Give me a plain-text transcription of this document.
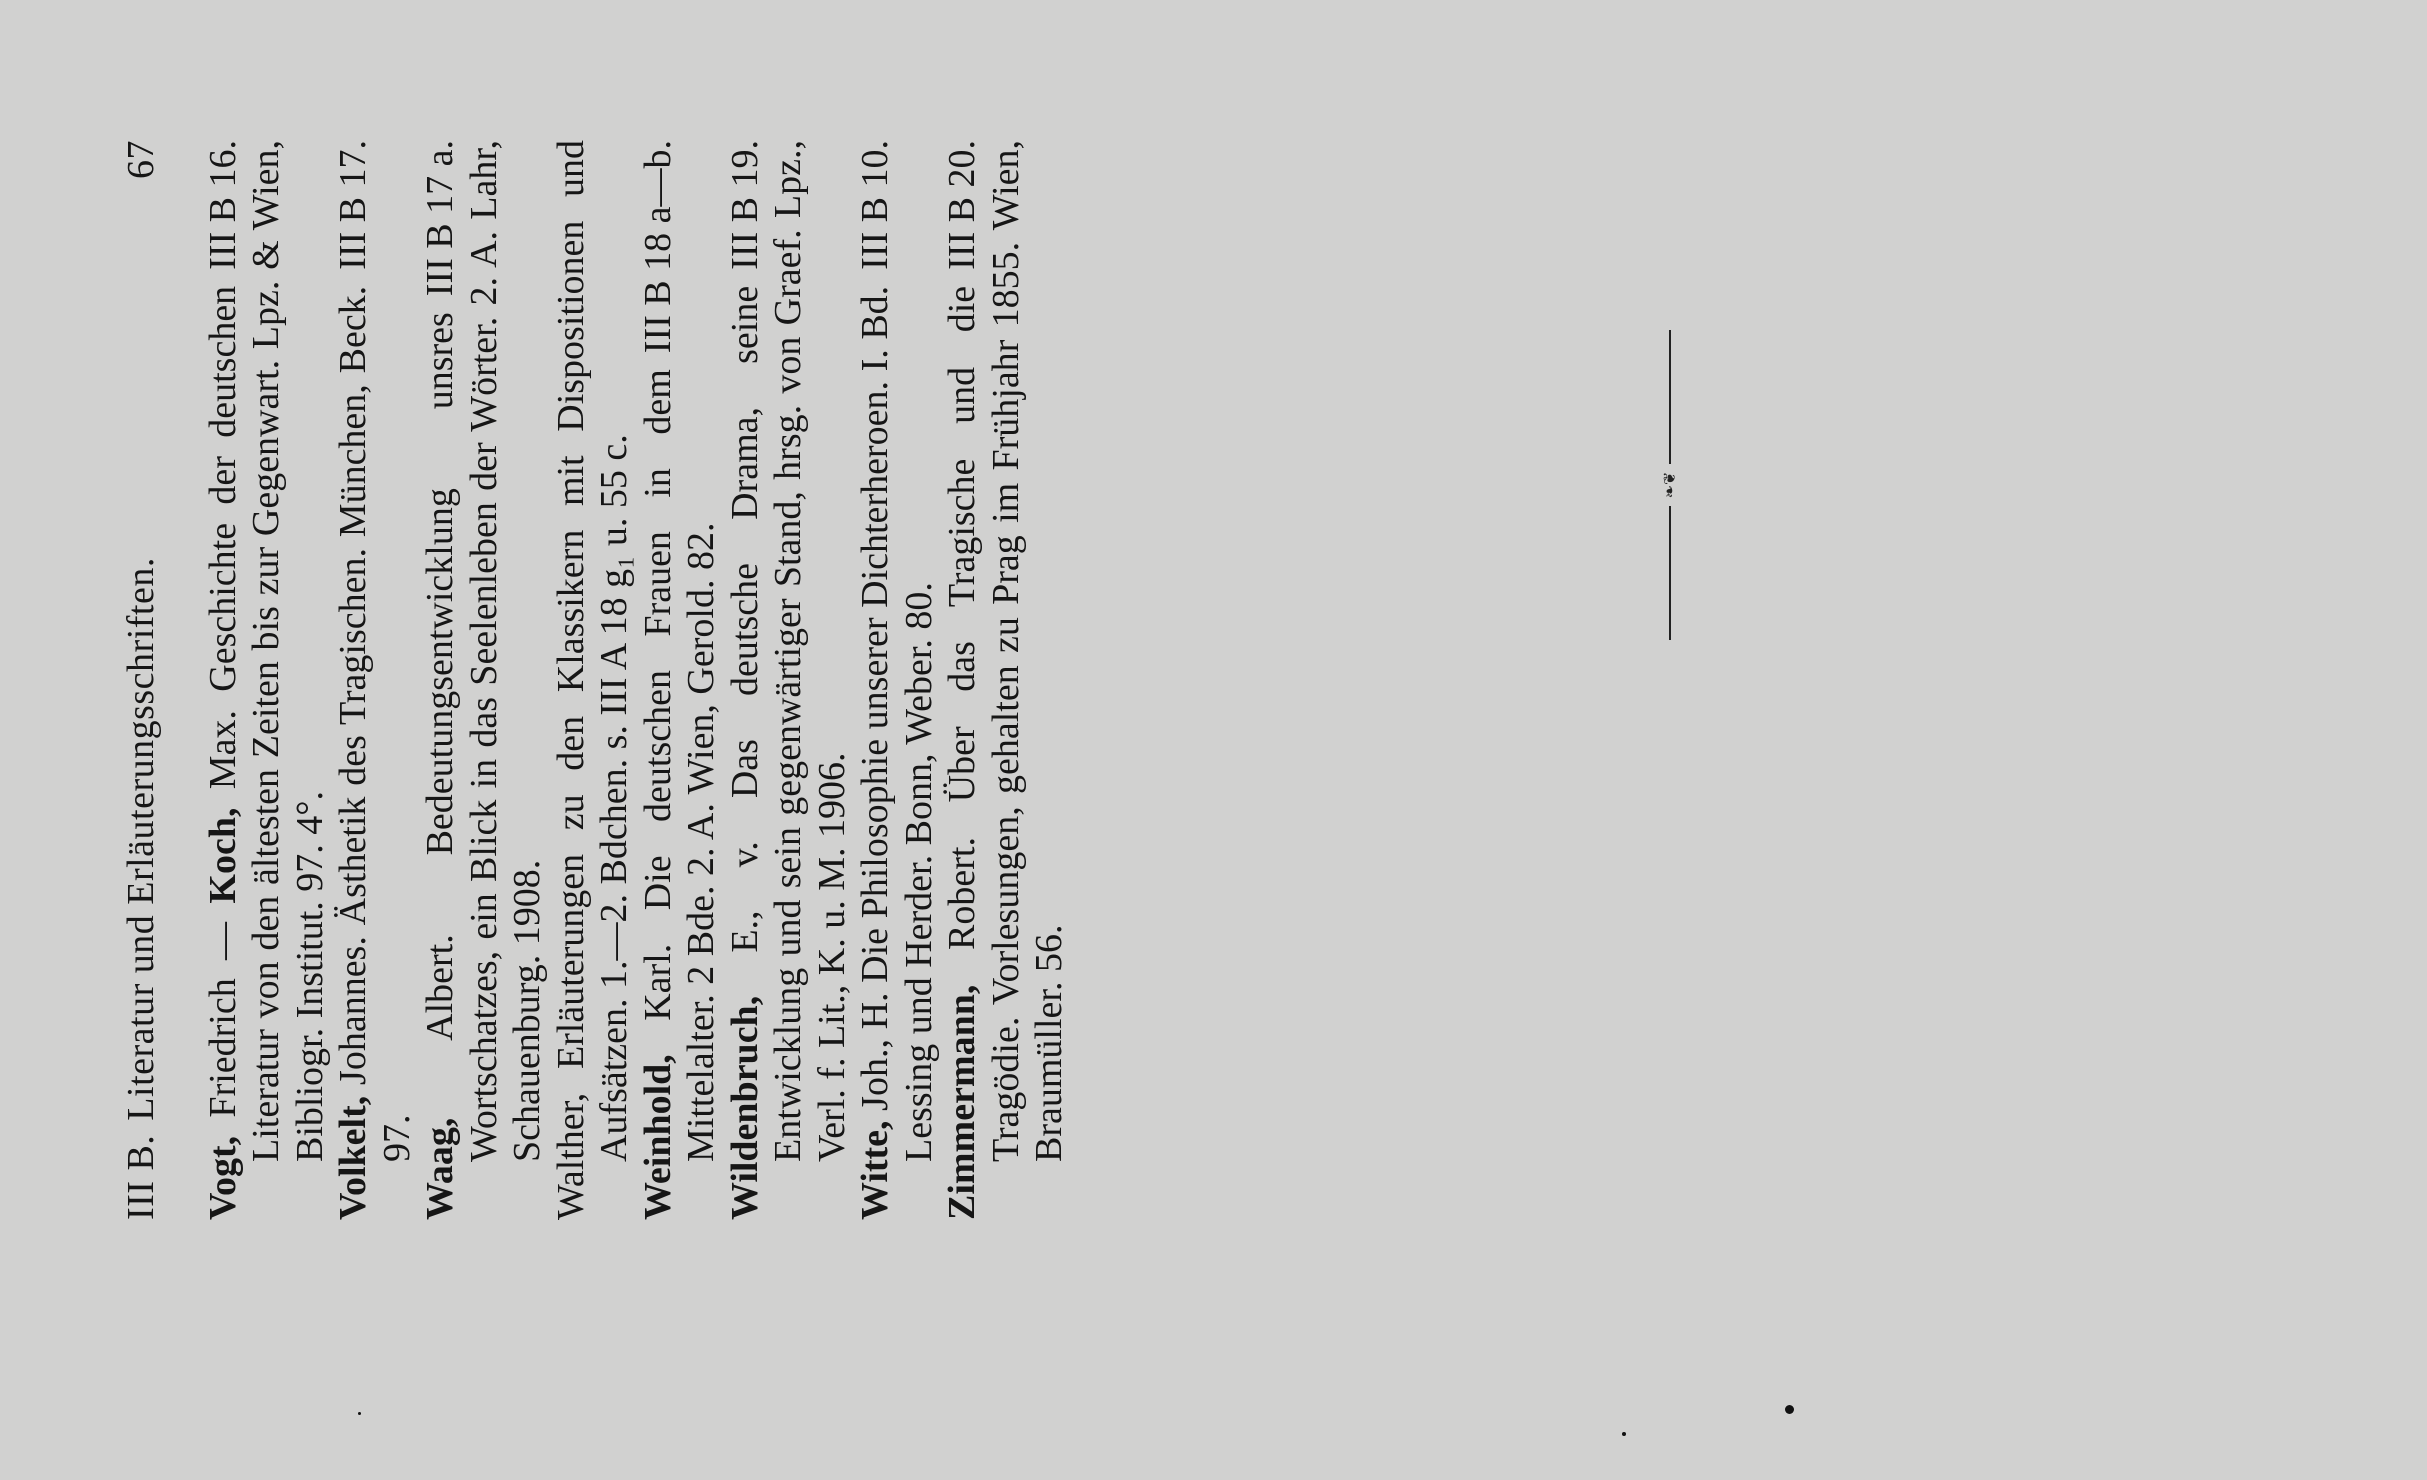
III B.
Literatur und Erläuterungsschriften.
67 III B 16.
Vogt, Friedrich — Koch, Max. Geschichte der deutschen Literatur von den ältesten Zeiten bis zur Gegenwart. Lpz. & Wien, Bibliogr. Institut. 97. 4°.
III B 17.
Volkelt, Johannes. Ästhetik des Tragischen. München, Beck. 97.
III B 17 a.
Waag, Albert. Bedeutungsentwicklung unsres Wortschatzes, ein Blick in das Seelenleben der Wörter. 2. A. Lahr, Schauenburg. 1908. Walther, Erläuterungen zu den Klassikern mit Dispositionen und Aufsätzen. 1.—2. Bdchen. s. III A 18 g₁ u. 55 c.
III B 18 a—b.
Weinhold, Karl. Die deutschen Frauen in dem Mittelalter. 2 Bde. 2. A. Wien, Gerold. 82.
III B 19.
Wildenbruch, E., v. Das deutsche Drama, seine Entwicklung und sein gegenwärtiger Stand, hrsg. von Graef. Lpz., Verl. f. Lit., K. u. M. 1906.
III B 10.
Witte, Joh., H. Die Philosophie unserer Dichterheroen. I. Bd. Lessing und Herder. Bonn, Weber. 80.
III B 20.
Zimmermann, Robert. Über das Tragische und die Tragödie. Vorlesungen, gehalten zu Prag im Frühjahr 1855. Wien, Braumüller. 56.
❧❦
